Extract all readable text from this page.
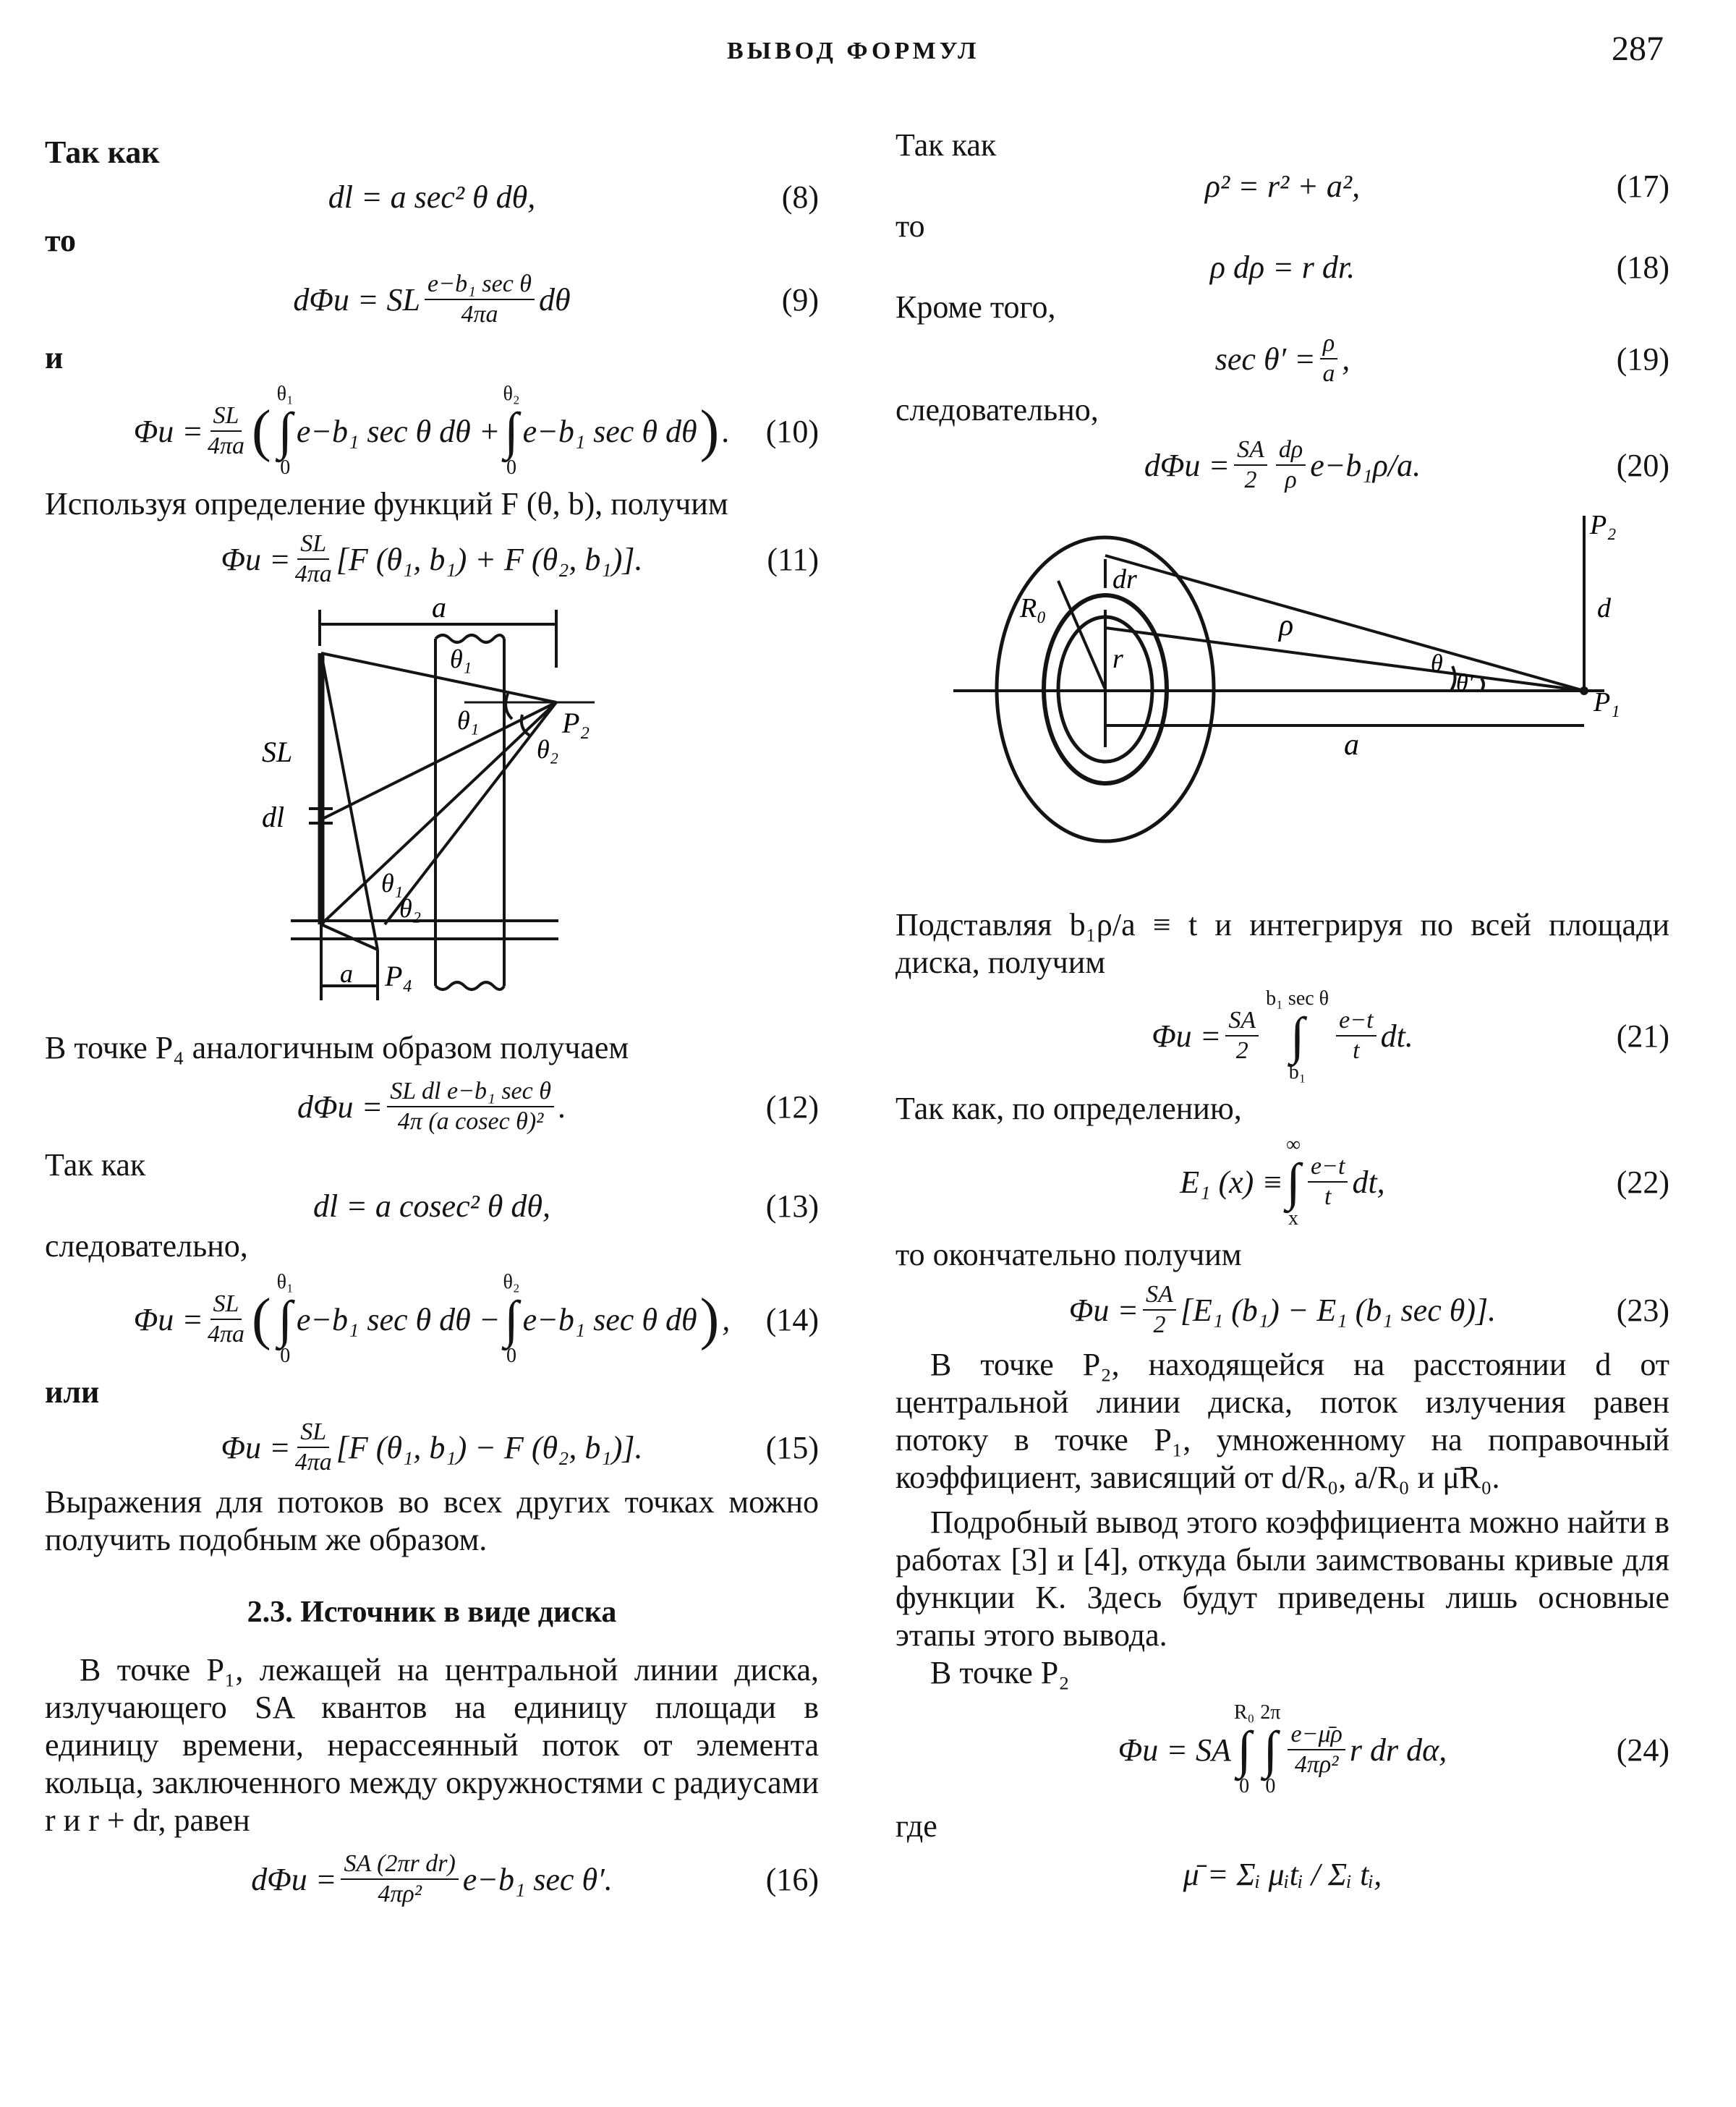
ВЫВОД ФОРМУЛ	287
Так как
dl = a sec² θ dθ,	(8)
то
dΦu = SL $\frac{\text{e−b₁ sec θ}}{4\pi a}$ dθ	(9)
и
$\Phi u = \frac{SL}{4\pi a}$ (
θ₁
∫
0
e−b₁ sec θ dθ +
θ₂
∫
0
e−b₁ sec θ dθ ) . (10)
Используя определение функций F (θ, b), получим
$\Phi u = \frac{SL}{4\pi a} [F$ (θ₁, b₁) + F (θ₂, b₁)].	(11)
a
θ₁
θ₁
θ₂
P₂
SL
dl
θ₁
θ₂
a P₄
В точке P₄ аналогичным образом получаем
$d\Phi u = \frac{\text{SL dl e−b₁ sec θ}}{\text{4π (a cosec θ)²}}$ .	(12)
Так как
dl = a cosec² θ dθ,	(13)
следовательно,
$\Phi u = \frac{SL}{4\pi a}$ (
θ₁
∫
0
e−b₁ sec θ dθ −
θ₂
∫
0
e−b₁ sec θ dθ ) , (14)
или
$\Phi u = \frac{SL}{4\pi a} [F$ (θ₁, b₁) − F (θ₂, b₁)].	(15)
Выражения для потоков во всех других точках можно получить подобным же образом.
2.3. Источник в виде диска
В точке P₁, лежащей на центральной линии диска, излучающего SA квантов на единицу площади в единицу времени, нерассеянный поток от элемента кольца, заключенного между окружностями с радиусами r и r + dr, равен
$d\Phi u = \frac{\text{SA (2πr dr)}}{\text{4πρ²}} e-b_1$ sec θ′.	(16)
Так как
ρ² = r² + a²,	(17)
то
ρ dρ = r dr.	(18)
Кроме того,
$\sec \theta' = \frac{\rho}{a}$ ,	(19)
следовательно,
$d\Phi u = \frac{SA}{2} \frac{d\rho}{\rho} e-b_1\rho/a$.	(20)
P₂
d
P₁
dr
R₀
ρ
r	θ
θ′
a
Подставляя b₁ρ/a ≡ t и интегрируя по всей площади диска, получим
$\Phi u = \frac{SA}{2}$
b₁ sec θ
∫
b₁
$\frac{e-t}{t}$ dt.	(21)
Так как, по определению,
E₁ (x) ≡
∞
∫
x
$\frac{e-t}{t}$ dt,	(22)
то окончательно получим
$\Phi u = \frac{SA}{2} [E_1$ (b₁) − E₁ (b₁ sec θ)].	(23)
В точке P₂, находящейся на расстоянии d от центральной линии диска, поток излучения равен потоку в точке P₁, умноженному на поправочный коэффициент, зависящий от d/R₀, a/R₀ и μ̄R₀.
Подробный вывод этого коэффициента можно найти в работах [3] и [4], откуда были заимствованы кривые для функции K. Здесь будут приведены лишь основные этапы этого вывода.
В точке P₂
Φu = SA
R₀
∫
0
2π
∫
0
$\frac{e-\mū\rho}{\text{4πρ²}}$ r dr dα,	(24)
где
μ̄ = Σᵢ μᵢtᵢ / Σᵢ tᵢ,
